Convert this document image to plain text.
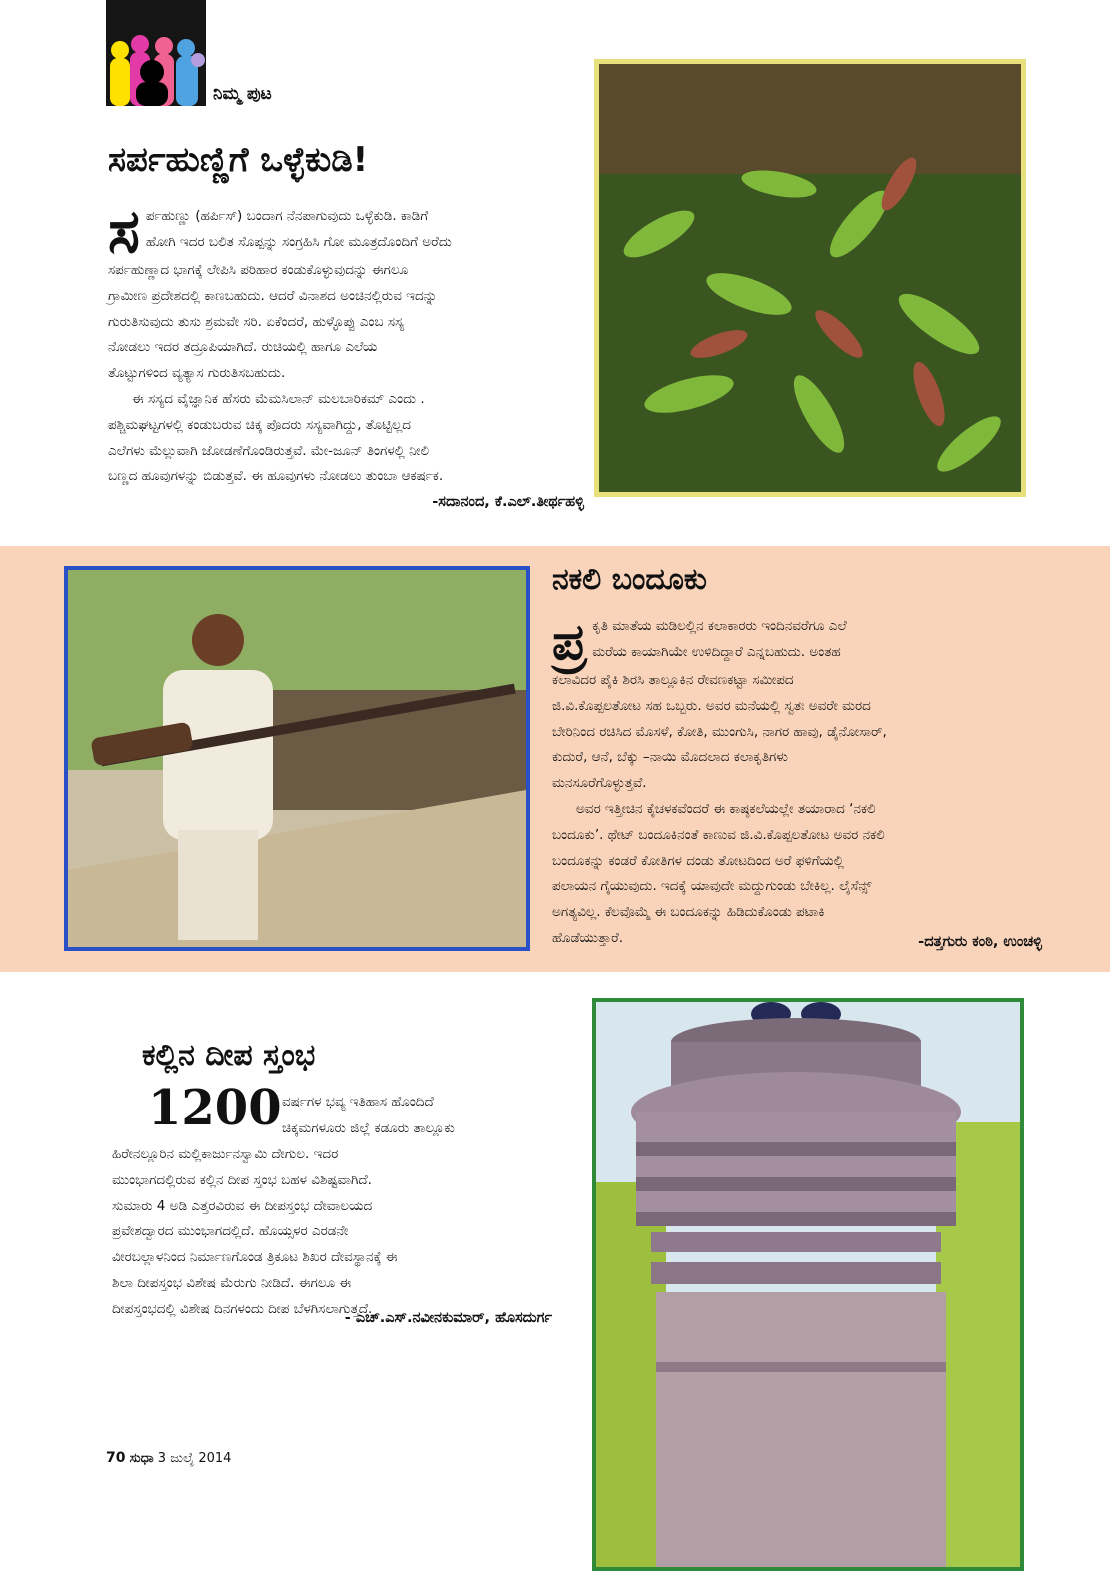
ನಿಮ್ಮ ಪುಟ
ಸರ್ಪಹುಣ್ಣಿಗೆ ಒಳ್ಳೆಕುಡಿ!
ಸ ರ್ಪಹುಣ್ಣು (ಹರ್ಪಿಸ್) ಬಂದಾಗ ನೆನಪಾಗುವುದು ಒಳ್ಳೆಕುಡಿ. ಕಾಡಿಗೆ

ಹೋಗಿ ಇದರ ಬಲಿತ ಸೊಪ್ಪನ್ನು ಸಂಗ್ರಹಿಸಿ ಗೋ ಮೂತ್ರದೊಂದಿಗೆ ಅರೆದು

ಸರ್ಪಹುಣ್ಣಾದ ಭಾಗಕ್ಕೆ ಲೇಪಿಸಿ ಪರಿಹಾರ ಕಂಡುಕೊಳ್ಳುವುದನ್ನು ಈಗಲೂ

ಗ್ರಾಮೀಣ ಪ್ರದೇಶದಲ್ಲಿ ಕಾಣಬಹುದು. ಆದರೆ ವಿನಾಶದ ಅಂಚಿನಲ್ಲಿರುವ ಇದನ್ನು

ಗುರುತಿಸುವುದು ತುಸು ಶ್ರಮವೇ ಸರಿ. ಏಕೆಂದರೆ, ಹುಳ್ಳೊಪ್ಪು ಎಂಬ ಸಸ್ಯ

ನೋಡಲು ಇದರ ತದ್ರೂಪಿಯಾಗಿದೆ. ರುಚಿಯಲ್ಲಿ ಹಾಗೂ ಎಲೆಯ

ತೊಟ್ಟುಗಳಿಂದ ವ್ಯತ್ಯಾಸ ಗುರುತಿಸಬಹುದು.

ಈ ಸಸ್ಯದ ವೈಜ್ಞಾನಿಕ ಹೆಸರು ಮೆಮಸಿಲಾನ್ ಮಲಬಾರಿಕಮ್ ಎಂದು .

ಪಶ್ಚಿಮಘಟ್ಟಗಳಲ್ಲಿ ಕಂಡುಬರುವ ಚಿಕ್ಕ ಪೊದರು ಸಸ್ಯವಾಗಿದ್ದು, ತೊಟ್ಟಿಲ್ಲದ

ಎಲೆಗಳು ಮೆಲ್ಲುವಾಗಿ ಜೋಡಣೆಗೊಂಡಿರುತ್ತವೆ. ಮೇ-ಜೂನ್ ತಿಂಗಳಲ್ಲಿ ನೀಲಿ

ಬಣ್ಣದ ಹೂವುಗಳನ್ನು ಬಿಡುತ್ತವೆ. ಈ ಹೂವುಗಳು ನೋಡಲು ತುಂಬಾ ಆಕರ್ಷಕ.

-ಸದಾನಂದ, ಕೆ.ಎಲ್.ತೀರ್ಥಹಳ್ಳಿ
ನಕಲಿ ಬಂದೂಕು
ಪ್ರ ಕೃತಿ ಮಾತೆಯ ಮಡಿಲಲ್ಲಿನ ಕಲಾಕಾರರು ಇಂದಿನವರೆಗೂ ಎಲೆ

ಮರೆಯ ಕಾಯಾಗಿಯೇ ಉಳಿದಿದ್ದಾರೆ ಎನ್ನಬಹುದು. ಅಂತಹ

ಕಲಾವಿದರ ಪೈಕಿ ಶಿರಸಿ ತಾಲ್ಲೂಕಿನ ರೇವಣಕಟ್ಟಾ ಸಮೀಪದ

ಜಿ.ವಿ.ಕೊಪ್ಪಲತೋಟ ಸಹ ಒಬ್ಬರು. ಅವರ ಮನೆಯಲ್ಲಿ ಸ್ವತಃ ಅವರೇ ಮರದ

ಬೇರಿನಿಂದ ರಚಿಸಿದ ಮೊಸಳೆ, ಕೋತಿ, ಮುಂಗುಸಿ, ನಾಗರ ಹಾವು, ಡೈನೋಸಾರ್,

ಕುದುರೆ, ಆನೆ, ಬೆಕ್ಕು –ನಾಯಿ ಮೊದಲಾದ ಕಲಾಕೃತಿಗಳು

ಮನಸೂರೆಗೊಳ್ಳುತ್ತವೆ.

ಅವರ ಇತ್ತೀಚಿನ ಕೈಚಳಕವೆಂದರೆ ಈ ಕಾಷ್ಠಕಲೆಯಲ್ಲೇ ತಯಾರಾದ ‘ನಕಲಿ

ಬಂದೂಕು’. ಥೇಟ್ ಬಂದೂಕಿನಂತೆ ಕಾಣುವ ಜಿ.ವಿ.ಕೊಪ್ಪಲತೋಟ ಅವರ ನಕಲಿ

ಬಂದೂಕನ್ನು ಕಂಡರೆ ಕೋತಿಗಳ ದಂಡು ತೋಟದಿಂದ ಅರೆ ಫಳಿಗೆಯಲ್ಲಿ

ಪಲಾಯನ ಗೈಯುವುದು. ಇದಕ್ಕೆ ಯಾವುದೇ ಮದ್ದುಗುಂಡು ಬೇಕಿಲ್ಲ. ಲೈಸೆನ್ಸ್

ಅಗತ್ಯವಿಲ್ಲ. ಕೆಲವೊಮ್ಮೆ ಈ ಬಂದೂಕನ್ನು ಹಿಡಿದುಕೊಂಡು ಪಟಾಕಿ

ಹೊಡೆಯುತ್ತಾರೆ.	-ದತ್ತಗುರು ಕಂಠಿ, ಉಂಚಳ್ಳಿ
ಕಲ್ಲಿನ ದೀಪ ಸ್ತಂಭ
1200 ವರ್ಷಗಳ ಭವ್ಯ ಇತಿಹಾಸ ಹೊಂದಿದೆ

ಚಿಕ್ಕಮಗಳೂರು ಜಿಲ್ಲೆ ಕಡೂರು ತಾಲ್ಲೂಕು

ಹಿರೇನಲ್ಲೂರಿನ ಮಲ್ಲಿಕಾರ್ಜುನಸ್ವಾಮಿ ದೇಗುಲ. ಇದರ

ಮುಂಭಾಗದಲ್ಲಿರುವ ಕಲ್ಲಿನ ದೀಪ ಸ್ತಂಭ ಬಹಳ ವಿಶಿಷ್ಟವಾಗಿದೆ.

ಸುಮಾರು 4 ಅಡಿ ಎತ್ತರವಿರುವ ಈ ದೀಪಸ್ತಂಭ ದೇವಾಲಯದ

ಪ್ರವೇಶದ್ವಾರದ ಮುಂಭಾಗದಲ್ಲಿದೆ. ಹೊಯ್ಸಳರ ಎರಡನೇ

ವೀರಬಲ್ಲಾಳನಿಂದ ನಿರ್ಮಾಣಗೊಂಡ ತ್ರಿಕೂಟ ಶಿಖರ ದೇವಸ್ಥಾನಕ್ಕೆ ಈ

ಶಿಲಾ ದೀಪಸ್ತಂಭ ವಿಶೇಷ ಮೆರುಗು ನೀಡಿದೆ. ಈಗಲೂ ಈ

ದೀಪಸ್ತಂಭದಲ್ಲಿ ವಿಶೇಷ ದಿನಗಳಂದು ದೀಪ ಬೆಳಗಿಸಲಾಗುತ್ತದೆ.

- ಎಚ್.ಎಸ್.ನವೀನಕುಮಾರ್, ಹೊಸದುರ್ಗ
70 ಸುಧಾ 3 ಜುಲೈ 2014
